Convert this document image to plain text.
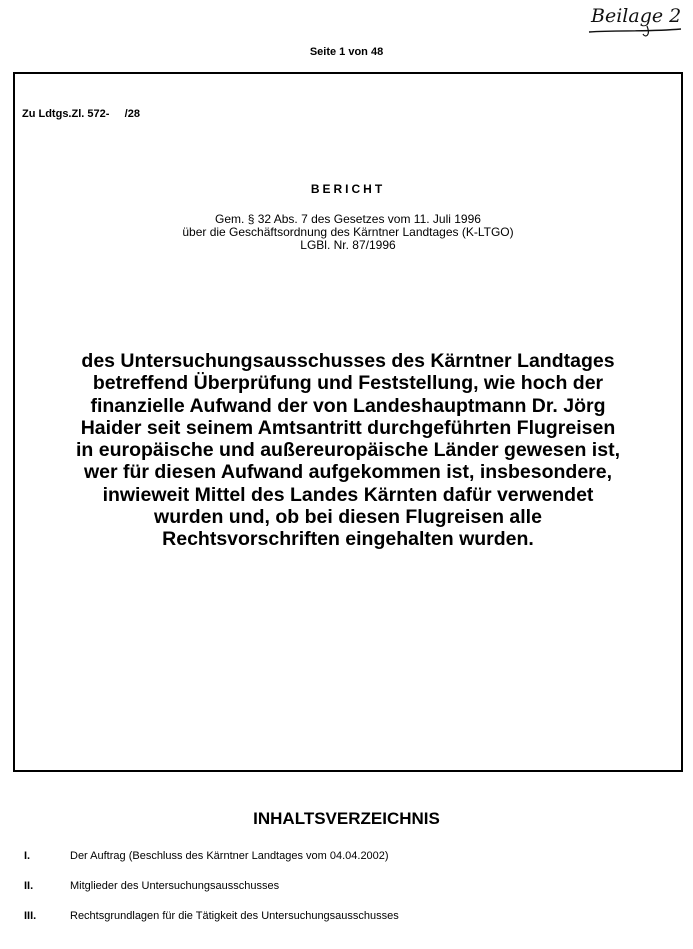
Beilage 2
Seite 1 von 48
Zu Ldtgs.Zl. 572-     /28
BERICHT
Gem. § 32 Abs. 7 des Gesetzes vom 11. Juli 1996
über die Geschäftsordnung des Kärntner Landtages (K-LTGO)
LGBl. Nr. 87/1996
des Untersuchungsausschusses des Kärntner Landtages
betreffend Überprüfung und Feststellung, wie hoch der
finanzielle Aufwand der von Landeshauptmann Dr. Jörg
Haider seit seinem Amtsantritt durchgeführten Flugreisen
in europäische und außereuropäische Länder gewesen ist,
wer für diesen Aufwand aufgekommen ist, insbesondere,
inwieweit Mittel des Landes Kärnten dafür verwendet
wurden und, ob bei diesen Flugreisen alle
Rechtsvorschriften eingehalten wurden.
INHALTSVERZEICHNIS
I.	Der Auftrag (Beschluss des Kärntner Landtages vom 04.04.2002)
II.	Mitglieder des Untersuchungsausschusses
III.	Rechtsgrundlagen für die Tätigkeit des Untersuchungsausschusses
